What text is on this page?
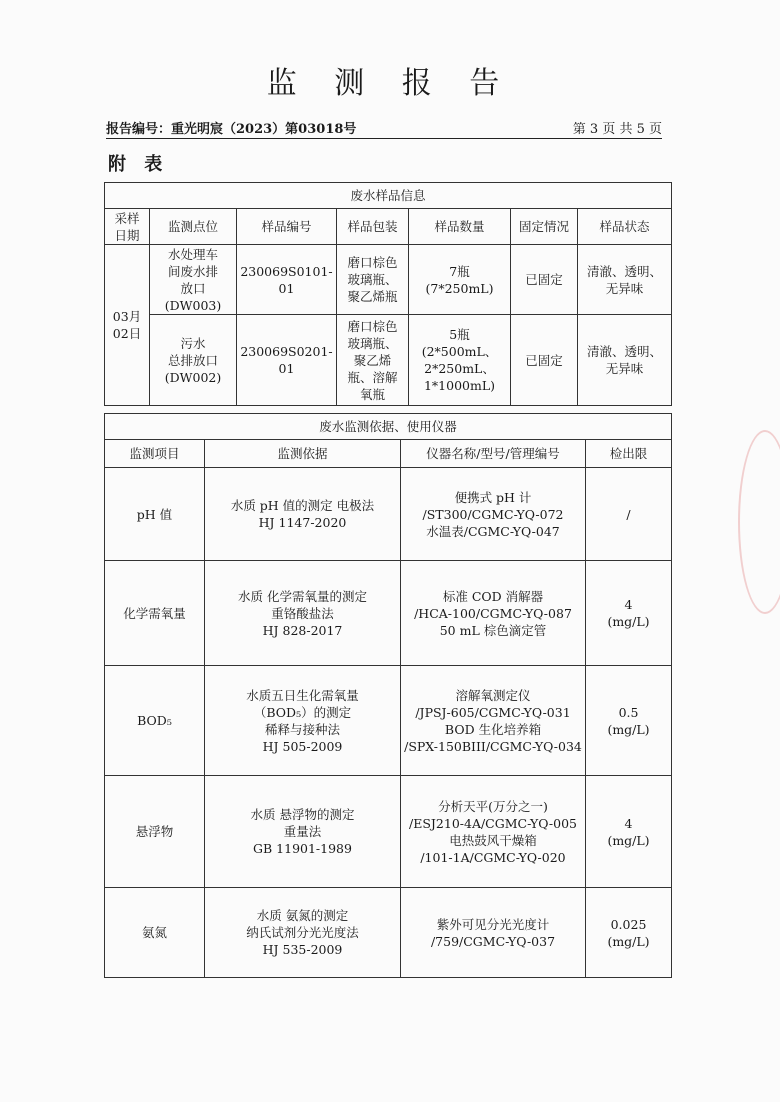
监 测 报 告
报告编号：重光明宸（2023）第03018号	第 3 页 共 5 页
附 表
废水样品信息						
采样
日期	监测点位	样品编号	样品包装	样品数量	固定情况	样品状态
03月
02日	水处理车
间废水排
放口
(DW003)	230069S0101-
01	磨口棕色
玻璃瓶、
聚乙烯瓶	7瓶
(7*250mL)	已固定	清澈、透明、
无异味
	污水
总排放口
(DW002)	230069S0201-
01	磨口棕色
玻璃瓶、
聚乙烯
瓶、溶解
氧瓶	5瓶
(2*500mL、
2*250mL、
1*1000mL)	已固定	清澈、透明、
无异味
废水监测依据、使用仪器			
监测项目	监测依据	仪器名称/型号/管理编号	检出限
pH 值	水质 pH 值的测定 电极法
HJ 1147-2020	便携式 pH 计
/ST300/CGMC-YQ-072
水温表/CGMC-YQ-047	/
化学需氧量	水质 化学需氧量的测定
重铬酸盐法
HJ 828-2017	标准 COD 消解器
/HCA-100/CGMC-YQ-087
50 mL 棕色滴定管	4
(mg/L)
BOD₅	水质五日生化需氧量
（BOD₅）的测定
稀释与接种法
HJ 505-2009	溶解氧测定仪
/JPSJ-605/CGMC-YQ-031
BOD 生化培养箱
/SPX-150BIII/CGMC-YQ-034	0.5
(mg/L)
悬浮物	水质 悬浮物的测定
重量法
GB 11901-1989	分析天平(万分之一)
/ESJ210-4A/CGMC-YQ-005
电热鼓风干燥箱
/101-1A/CGMC-YQ-020	4
(mg/L)
氨氮	水质 氨氮的测定
纳氏试剂分光光度法
HJ 535-2009	紫外可见分光光度计
/759/CGMC-YQ-037	0.025
(mg/L)
